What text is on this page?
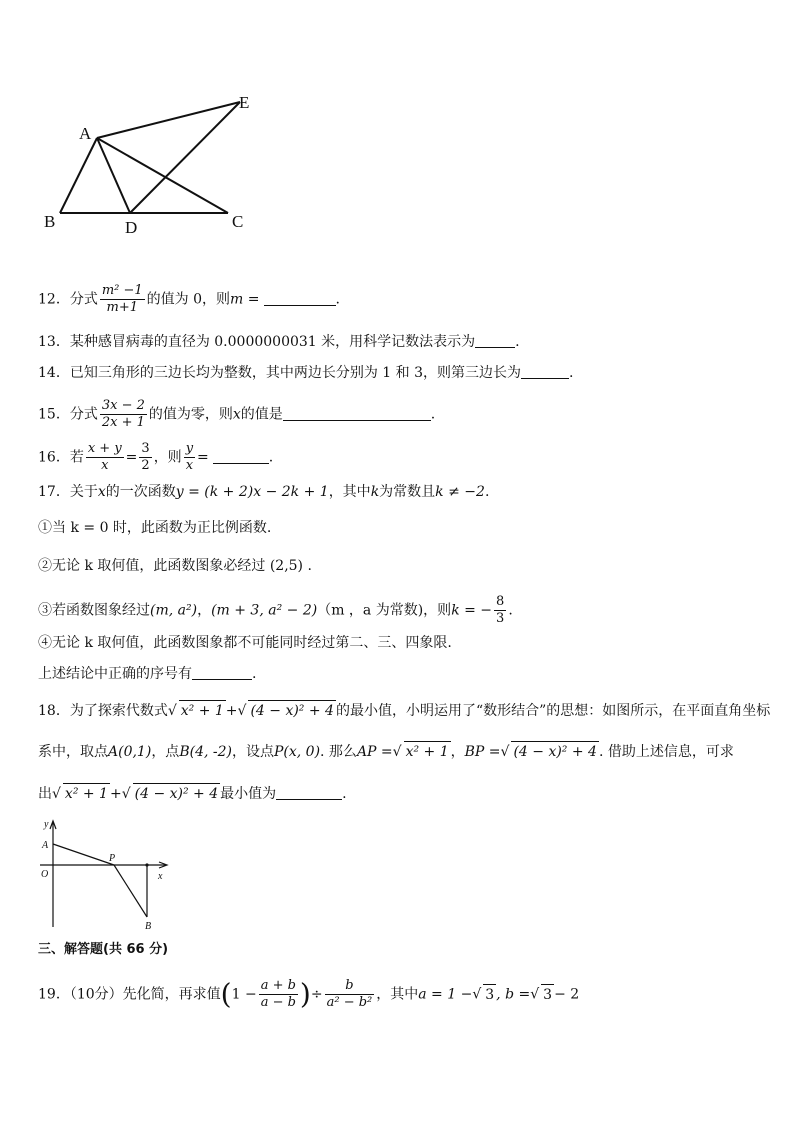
A
E
B	D	C
12．分式 $\frac{\text{m² −1}}{m+1}$ 的值为 0，则m =	.
13．某种感冒病毒的直径为 0.0000000031 米，用科学记数法表示为	.
14．已知三角形的三边长均为整数，其中两边长分别为 1 和 3，则第三边长为	.
15．分式 $\frac{3x - 2}{2x + 1}$ 的值为零，则x的值是	.
16．若 $\frac{x + y}{x} = \frac{3}{2}$ ，则 $\frac{y}{x}$ =	.
17．关于x的一次函数y = (k + 2)x − 2k + 1，其中k为常数且k ≠ −2.
①当 k = 0 时，此函数为正比例函数.
②无论 k 取何值，此函数图象必经过 (2,5) .
③若函数图象经过(m, a²)，(m + 3, a² − 2)（m ，a 为常数)，则k = − $\frac{8}{3}$ .
④无论 k 取何值，此函数图象都不可能同时经过第二、三、四象限.
上述结论中正确的序号有	.
18．为了探索代数式√ x² + 1 +√ (4 − x)² + 4 的最小值，小明运用了“数形结合”的思想：如图所示，在平面直角坐标
系中，取点A(0,1)，点B(4, -2)，设点P(x, 0). 那么AP =√ x² + 1 ，BP =√ (4 − x)² + 4 . 借助上述信息，可求
出√ x² + 1 +√ (4 − x)² + 4 最小值为	.
y
x
O
A
P
B
三、解答题(共 66 分)
19．（10分）先化简，再求值($1 - \frac{a + b}{a - b}$ )÷ $\frac{b}{\text{a² − b²}}$ ，其中a = 1 −√ 3 , b =√ 3 − 2
